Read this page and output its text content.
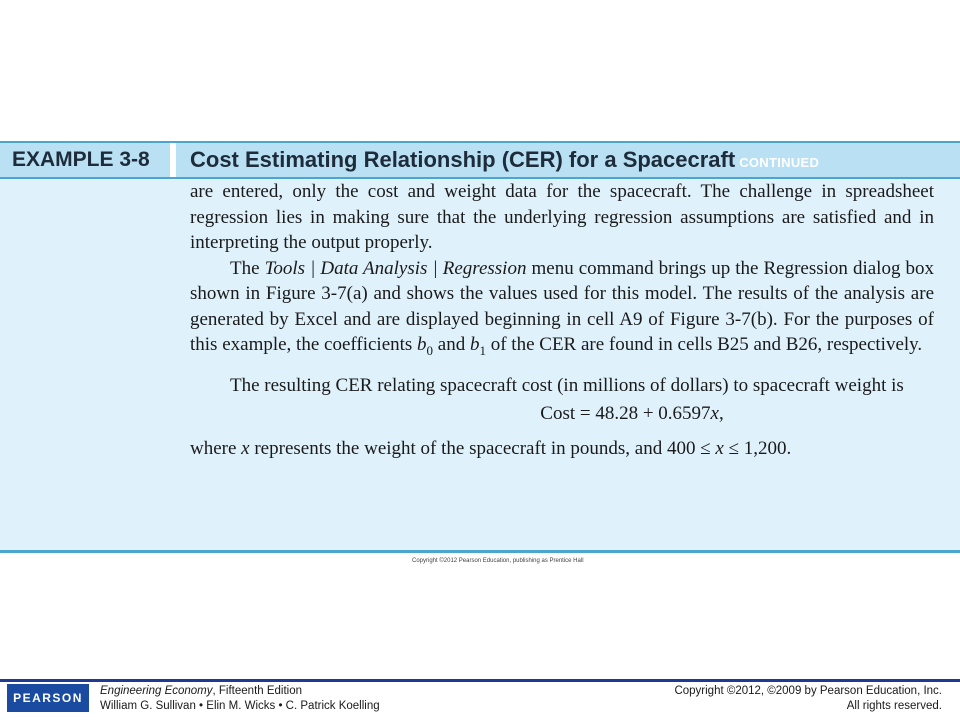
EXAMPLE 3-8	Cost Estimating Relationship (CER) for a Spacecraft CONTINUED

are entered, only the cost and weight data for the spacecraft. The challenge in spreadsheet regression lies in making sure that the underlying regression assumptions are satisfied and in interpreting the output properly.

The Tools | Data Analysis | Regression menu command brings up the Regression dialog box shown in Figure 3-7(a) and shows the values used for this model. The results of the analysis are generated by Excel and are displayed beginning in cell A9 of Figure 3-7(b). For the purposes of this example, the coefficients $b_0$ and $b_1$ of the CER are found in cells B25 and B26, respectively.

The resulting CER relating spacecraft cost (in millions of dollars) to spacecraft weight is

Cost = 48.28 + 0.6597x,

where x represents the weight of the spacecraft in pounds, and 400 ≤ x ≤ 1,200.

Copyright ©2012 Pearson Education, publishing as Prentice Hall
PEARSON	Engineering Economy, Fifteenth Edition
William G. Sullivan • Elin M. Wicks • C. Patrick Koelling
Copyright ©2012, ©2009 by Pearson Education, Inc.
All rights reserved.
